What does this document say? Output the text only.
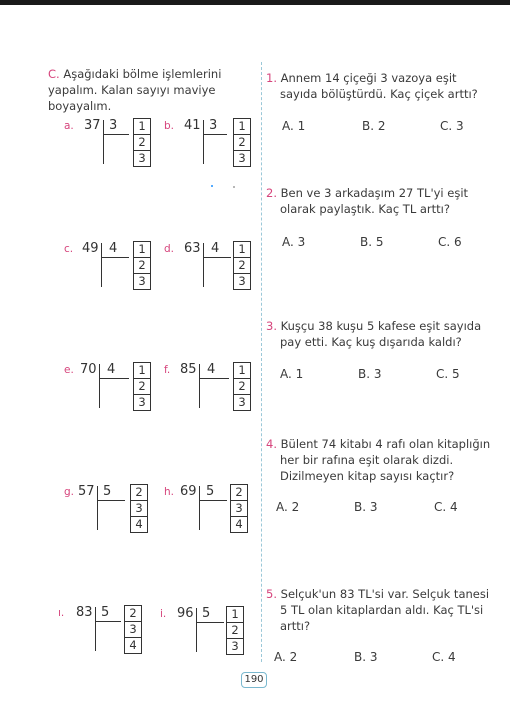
C. Aşağıdaki bölme işlemlerini yapalım. Kalan sayıyı maviye boyayalım.
a. 37 3	1
2
3
b. 41 3	1
2
3
c. 49 4	1
2
3
d. 63 4	1
2
3
e. 70 4	1
2
3
f. 85 4	1
2
3
g. 57 5	2
3
4
h. 69 5	2
3
4
ı. 83 5	2
3
4
i. 96 5	1
2
3
1. Annem 14 çiçeği 3 vazoya eşit sayıda bölüştürdü. Kaç çiçek arttı?
A. 1	B. 2	C. 3
2. Ben ve 3 arkadaşım 27 TL'yi eşit olarak paylaştık. Kaç TL arttı?
A. 3	B. 5	C. 6
3. Kuşçu 38 kuşu 5 kafese eşit sayıda pay etti. Kaç kuş dışarıda kaldı?
A. 1	B. 3	C. 5
4. Bülent 74 kitabı 4 rafı olan kitaplığın her bir rafına eşit olarak dizdi. Dizilmeyen kitap sayısı kaçtır?
A. 2	B. 3	C. 4
5. Selçuk'un 83 TL'si var. Selçuk tanesi 5 TL olan kitaplardan aldı. Kaç TL'si arttı?
A. 2	B. 3	C. 4
190
